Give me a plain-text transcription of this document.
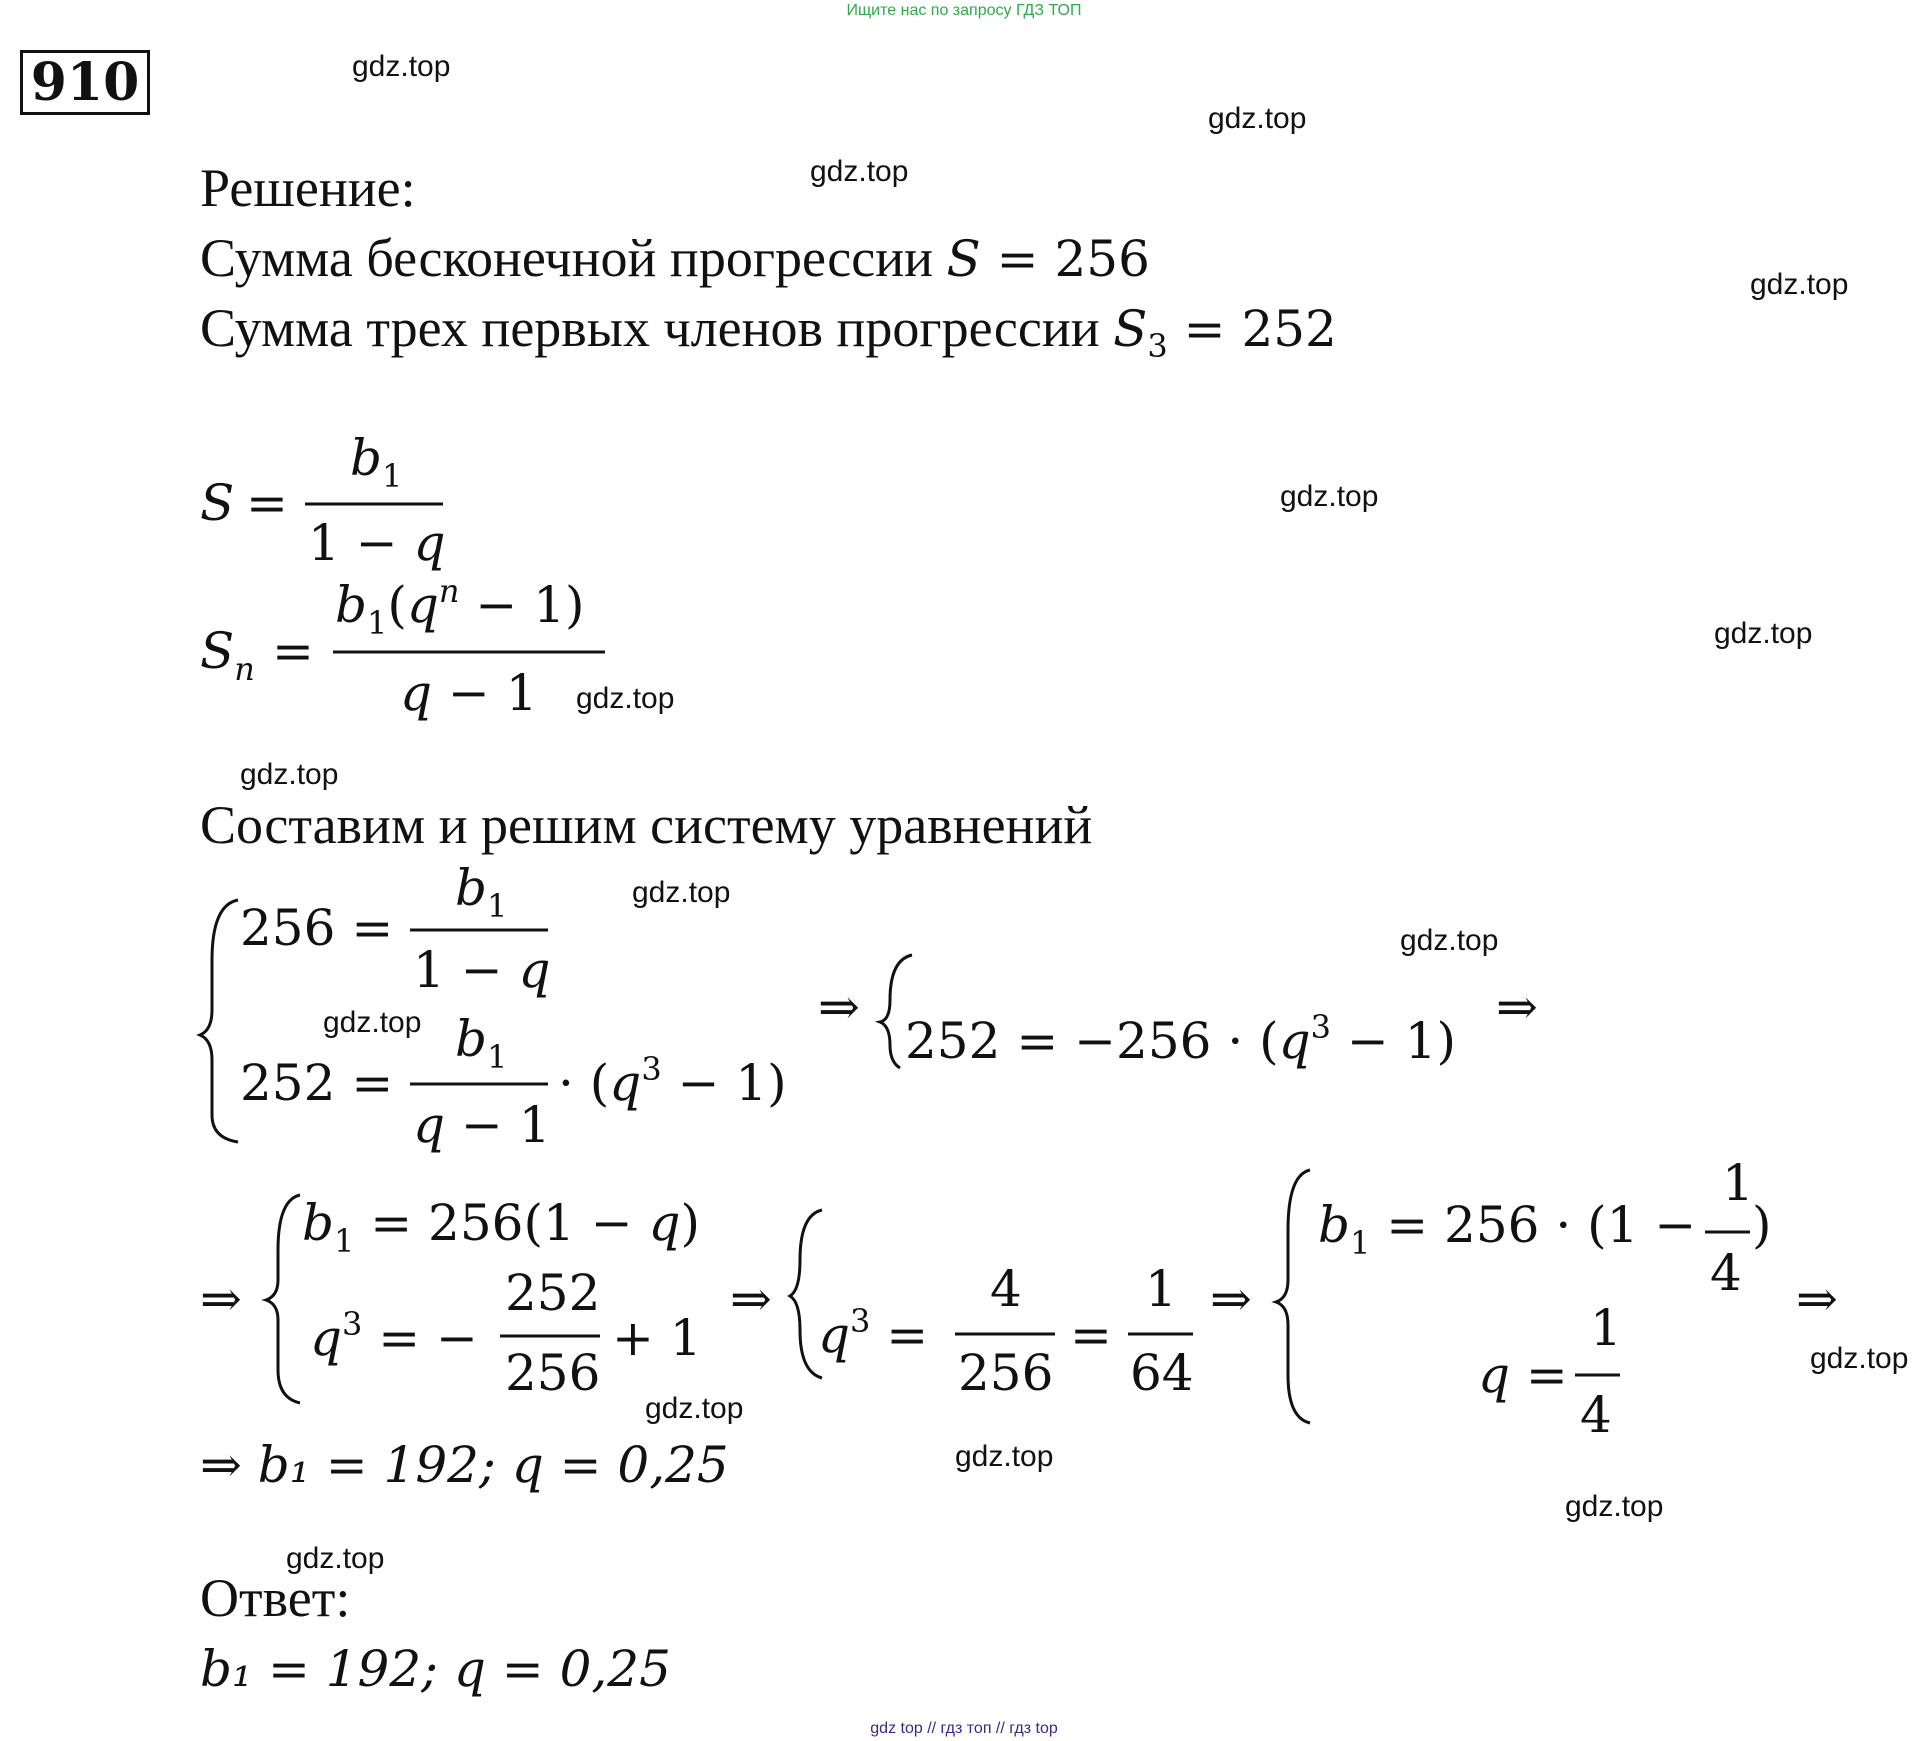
Ищите нас по запросу ГДЗ ТОП
910
Решение:
Сумма бесконечной прогрессии S = 256
Сумма трех первых членов прогрессии $S_3 = 252$
S =
$b_1$
1 − q
$S_n$ =
$b_1(q^n - 1)$
q − 1
Составим и решим систему уравнений
256 =
$b_1$
1 − q
252 =
$b_1$
q − 1
· $(q^3 - 1)$
⇒
$252 = -256 \cdot (q^3 - 1)$
⇒
⇒
$b_1 = 256(1 - q)$
$q^3$ = −
252
256
+ 1
⇒
$q^3$ =
4
256
=
1
64
⇒
$b_1 = 256 \cdot (1$ −
1
4
)
q =
1
4
⇒
⇒ b₁ = 192; q = 0,25
Ответ:
b₁ = 192; q = 0,25
gdz.top
gdz.top
gdz.top
gdz.top
gdz.top
gdz.top
gdz.top
gdz.top
gdz.top
gdz.top
gdz.top
gdz.top
gdz.top
gdz.top
gdz.top
gdz.top
gdz top // гдз топ // гдз top
